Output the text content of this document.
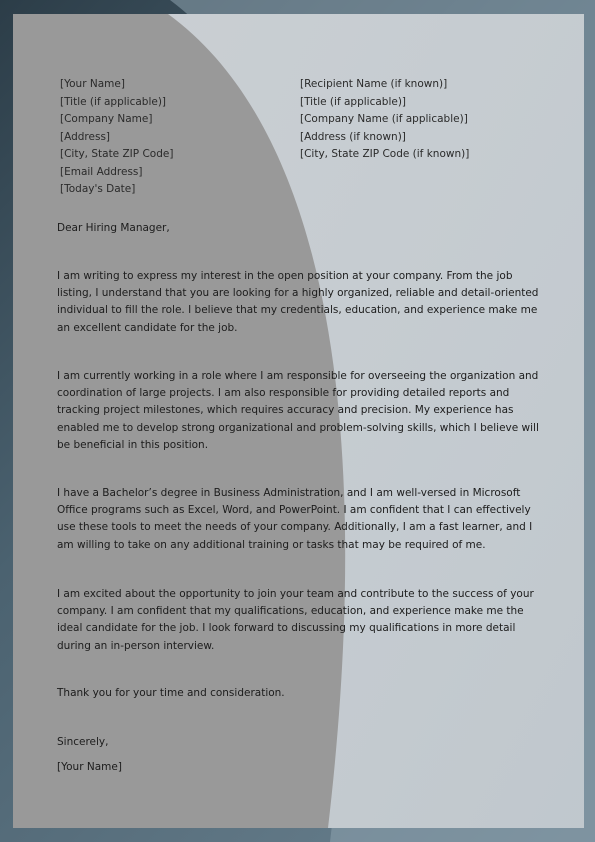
[Your Name]
[Title (if applicable)]
[Company Name]
[Address]
[City, State ZIP Code]
[Email Address]
[Today's Date]
[Recipient Name (if known)]
[Title (if applicable)]
[Company Name (if applicable)]
[Address (if known)]
[City, State ZIP Code (if known)]
Dear Hiring Manager,

I am writing to express my interest in the open position at your company. From the job listing, I understand that you are looking for a highly organized, reliable and detail-oriented individual to fill the role. I believe that my credentials, education, and experience make me an excellent candidate for the job.

I am currently working in a role where I am responsible for overseeing the organization and coordination of large projects. I am also responsible for providing detailed reports and tracking project milestones, which requires accuracy and precision. My experience has enabled me to develop strong organizational and problem-solving skills, which I believe will be beneficial in this position.

I have a Bachelor’s degree in Business Administration, and I am well-versed in Microsoft Office programs such as Excel, Word, and PowerPoint. I am confident that I can effectively use these tools to meet the needs of your company. Additionally, I am a fast learner, and I am willing to take on any additional training or tasks that may be required of me.

I am excited about the opportunity to join your team and contribute to the success of your company. I am confident that my qualifications, education, and experience make me the ideal candidate for the job. I look forward to discussing my qualifications in more detail during an in-person interview.

Thank you for your time and consideration.

Sincerely,
[Your Name]
